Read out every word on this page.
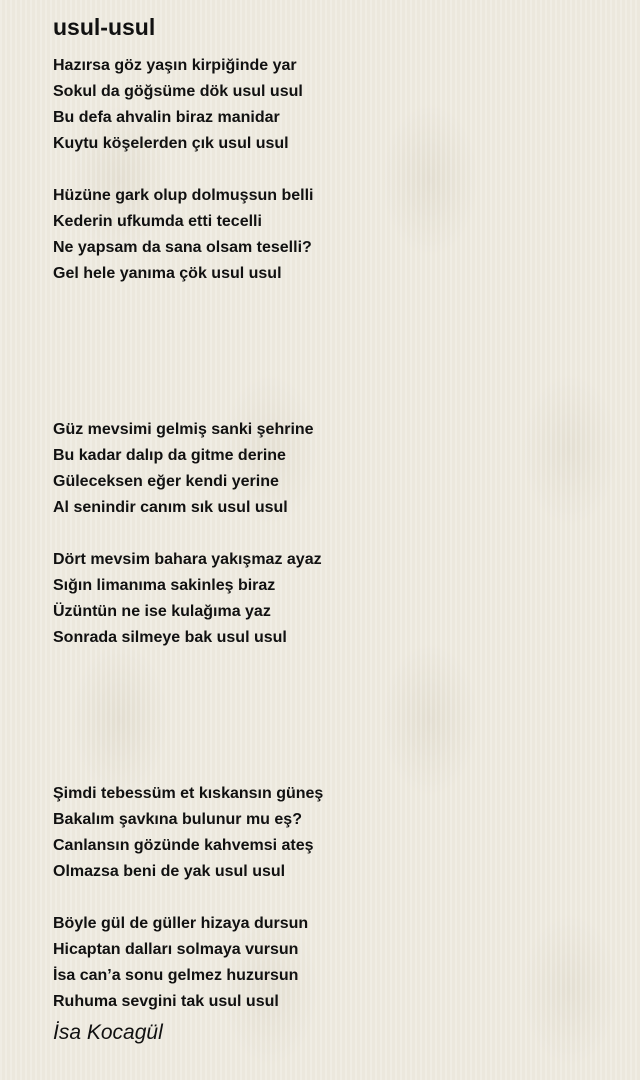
usul-usul
Hazırsa göz yaşın kirpiğinde yar
Sokul da göğsüme dök usul usul
Bu defa ahvalin biraz manidar
Kuytu köşelerden çık usul usul
Hüzüne gark olup dolmuşsun belli
Kederin ufkumda etti tecelli
Ne yapsam da sana olsam teselli?
Gel hele yanıma çök usul usul
Güz mevsimi gelmiş sanki şehrine
Bu kadar dalıp da gitme derine
Güleceksen eğer kendi yerine
Al senindir canım sık usul usul
Dört mevsim bahara yakışmaz ayaz
Sığın limanıma sakinleş biraz
Üzüntün ne ise kulağıma yaz
Sonrada silmeye bak usul usul
Şimdi tebessüm et kıskansın güneş
Bakalım şavkına bulunur mu eş?
Canlansın gözünde kahvemsi ateş
Olmazsa beni de yak usul usul
Böyle gül de güller hizaya dursun
Hicaptan dalları solmaya vursun
İsa can’a sonu gelmez huzursun
Ruhuma sevgini tak usul usul
İsa Kocagül
